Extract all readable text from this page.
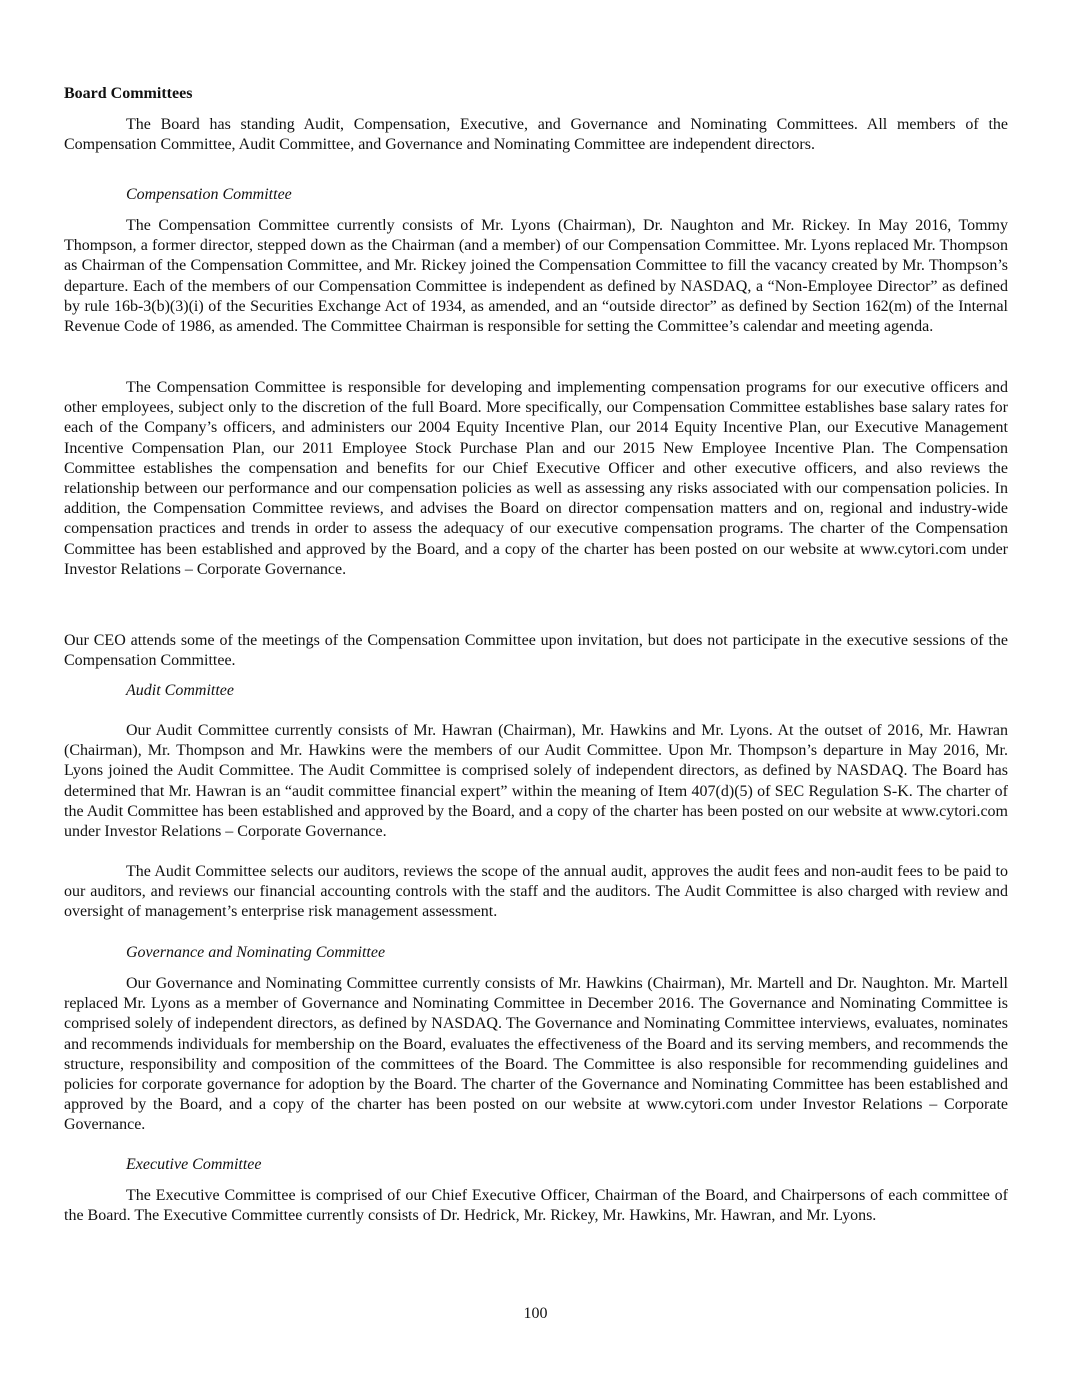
Board Committees

The Board has standing Audit, Compensation, Executive, and Governance and Nominating Committees. All members of the Compensation Committee, Audit Committee, and Governance and Nominating Committee are independent directors.

Compensation Committee

The Compensation Committee currently consists of Mr. Lyons (Chairman), Dr. Naughton and Mr. Rickey. In May 2016, Tommy Thompson, a former director, stepped down as the Chairman (and a member) of our Compensation Committee. Mr. Lyons replaced Mr. Thompson as Chairman of the Compensation Committee, and Mr. Rickey joined the Compensation Committee to fill the vacancy created by Mr. Thompson’s departure. Each of the members of our Compensation Committee is independent as defined by NASDAQ, a “Non-Employee Director” as defined by rule 16b-3(b)(3)(i) of the Securities Exchange Act of 1934, as amended, and an “outside director” as defined by Section 162(m) of the Internal Revenue Code of 1986, as amended. The Committee Chairman is responsible for setting the Committee’s calendar and meeting agenda.

The Compensation Committee is responsible for developing and implementing compensation programs for our executive officers and other employees, subject only to the discretion of the full Board. More specifically, our Compensation Committee establishes base salary rates for each of the Company’s officers, and administers our 2004 Equity Incentive Plan, our 2014 Equity Incentive Plan, our Executive Management Incentive Compensation Plan, our 2011 Employee Stock Purchase Plan and our 2015 New Employee Incentive Plan. The Compensation Committee establishes the compensation and benefits for our Chief Executive Officer and other executive officers, and also reviews the relationship between our performance and our compensation policies as well as assessing any risks associated with our compensation policies. In addition, the Compensation Committee reviews, and advises the Board on director compensation matters and on, regional and industry-wide compensation practices and trends in order to assess the adequacy of our executive compensation programs. The charter of the Compensation Committee has been established and approved by the Board, and a copy of the charter has been posted on our website at www.cytori.com under Investor Relations – Corporate Governance.

Our CEO attends some of the meetings of the Compensation Committee upon invitation, but does not participate in the executive sessions of the Compensation Committee.

Audit Committee

Our Audit Committee currently consists of Mr. Hawran (Chairman), Mr. Hawkins and Mr. Lyons. At the outset of 2016, Mr. Hawran (Chairman), Mr. Thompson and Mr. Hawkins were the members of our Audit Committee. Upon Mr. Thompson’s departure in May 2016, Mr. Lyons joined the Audit Committee. The Audit Committee is comprised solely of independent directors, as defined by NASDAQ. The Board has determined that Mr. Hawran is an “audit committee financial expert” within the meaning of Item 407(d)(5) of SEC Regulation S-K. The charter of the Audit Committee has been established and approved by the Board, and a copy of the charter has been posted on our website at www.cytori.com under Investor Relations – Corporate Governance.

The Audit Committee selects our auditors, reviews the scope of the annual audit, approves the audit fees and non-audit fees to be paid to our auditors, and reviews our financial accounting controls with the staff and the auditors. The Audit Committee is also charged with review and oversight of management’s enterprise risk management assessment.

Governance and Nominating Committee

Our Governance and Nominating Committee currently consists of Mr. Hawkins (Chairman), Mr. Martell and Dr. Naughton. Mr. Martell replaced Mr. Lyons as a member of Governance and Nominating Committee in December 2016. The Governance and Nominating Committee is comprised solely of independent directors, as defined by NASDAQ. The Governance and Nominating Committee interviews, evaluates, nominates and recommends individuals for membership on the Board, evaluates the effectiveness of the Board and its serving members, and recommends the structure, responsibility and composition of the committees of the Board. The Committee is also responsible for recommending guidelines and policies for corporate governance for adoption by the Board. The charter of the Governance and Nominating Committee has been established and approved by the Board, and a copy of the charter has been posted on our website at www.cytori.com under Investor Relations – Corporate Governance.

Executive Committee

The Executive Committee is comprised of our Chief Executive Officer, Chairman of the Board, and Chairpersons of each committee of the Board. The Executive Committee currently consists of Dr. Hedrick, Mr. Rickey, Mr. Hawkins, Mr. Hawran, and Mr. Lyons.

100
